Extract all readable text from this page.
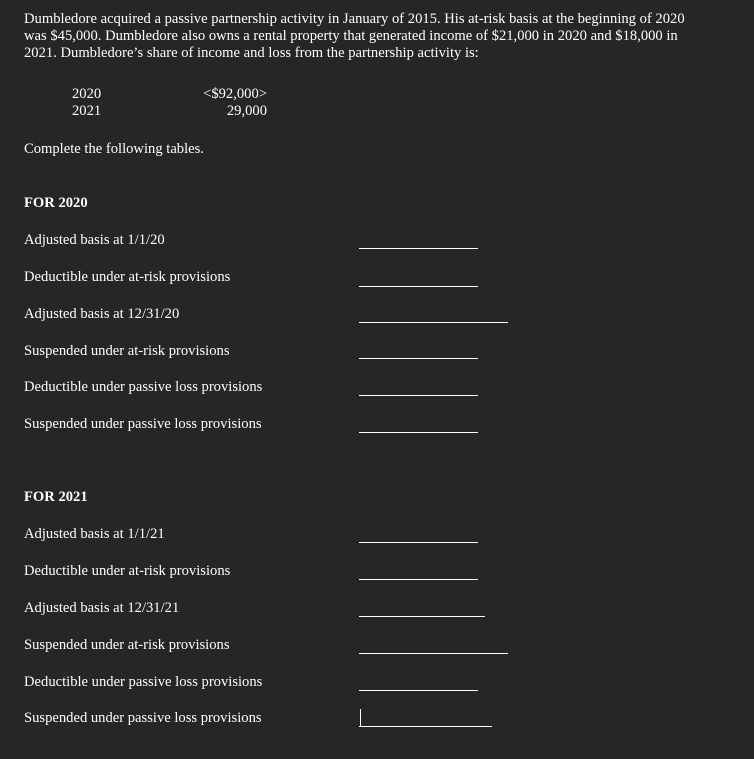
Dumbledore acquired a passive partnership activity in January of 2015. His at-risk basis at the beginning of 2020
was $45,000. Dumbledore also owns a rental property that generated income of $21,000 in 2020 and $18,000 in
2021. Dumbledore’s share of income and loss from the partnership activity is:

2020	<$92,000>
2021	29,000
Complete the following tables.
FOR 2020
Adjusted basis at 1/1/20
Deductible under at-risk provisions
Adjusted basis at 12/31/20
Suspended under at-risk provisions
Deductible under passive loss provisions
Suspended under passive loss provisions
FOR 2021
Adjusted basis at 1/1/21
Deductible under at-risk provisions
Adjusted basis at 12/31/21
Suspended under at-risk provisions
Deductible under passive loss provisions
Suspended under passive loss provisions
